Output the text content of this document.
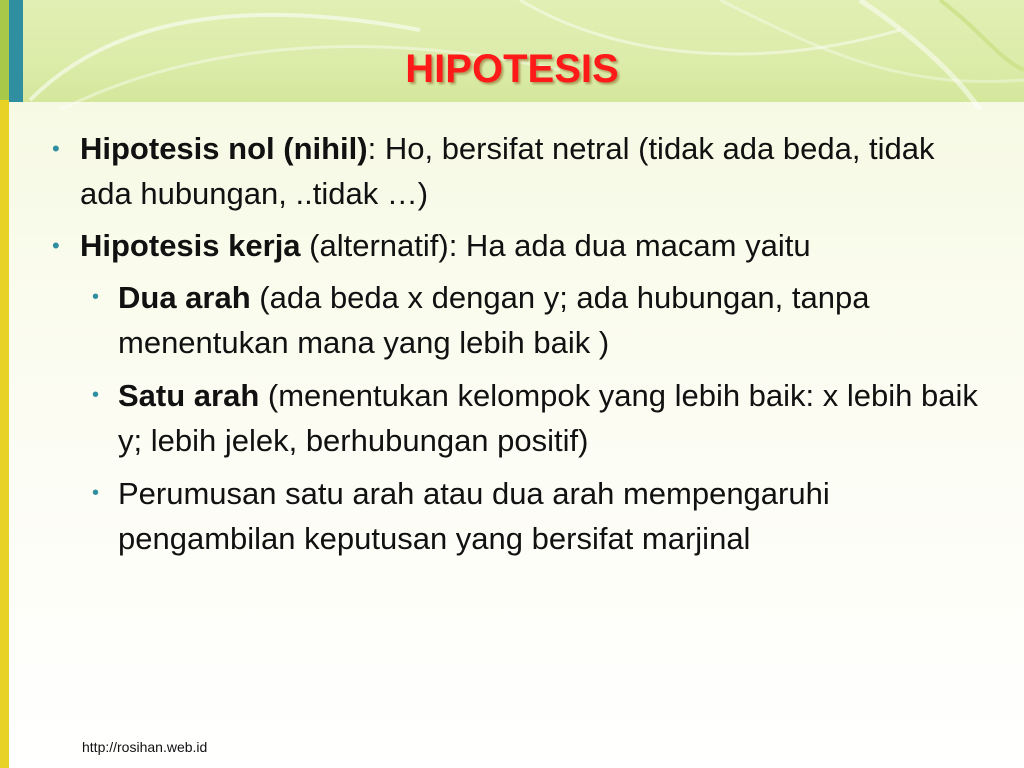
HIPOTESIS
• Hipotesis nol (nihil): Ho, bersifat netral (tidak ada beda, tidak ada hubungan, ..tidak …)
• Hipotesis kerja (alternatif): Ha ada dua macam yaitu
• Dua arah (ada beda x dengan y; ada hubungan, tanpa menentukan mana yang lebih baik )
• Satu arah (menentukan kelompok yang lebih baik: x lebih baik y; lebih jelek, berhubungan positif)
• Perumusan satu arah atau dua arah mempengaruhi pengambilan keputusan yang bersifat marjinal
http://rosihan.web.id
